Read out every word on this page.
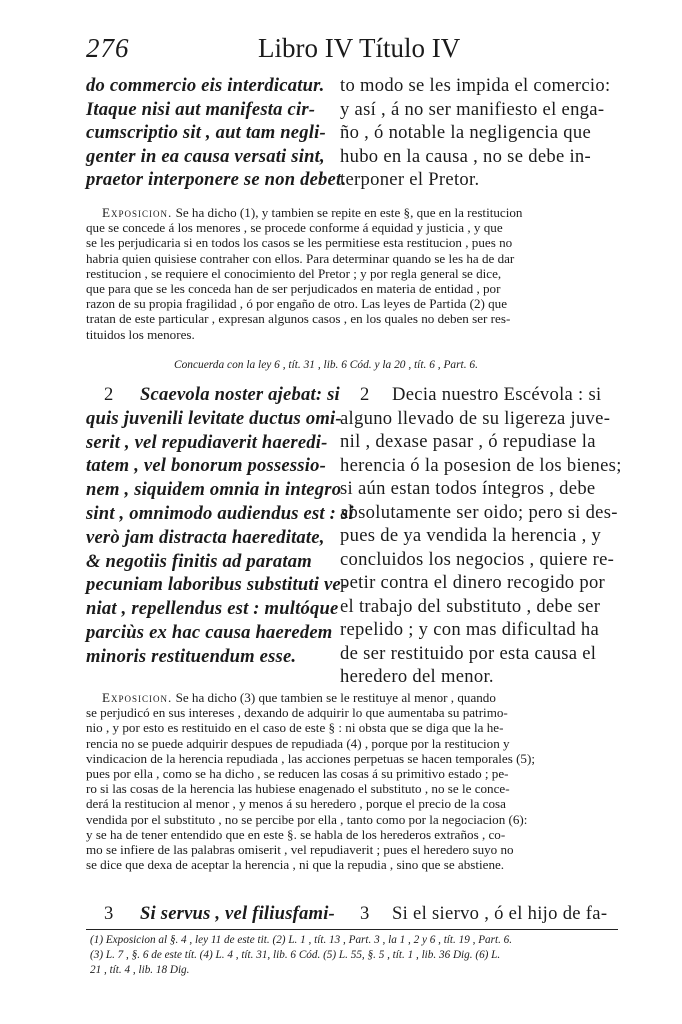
276	Libro IV Título IV
do commercio eis interdicatur.
Itaque nisi aut manifesta cir-
cumscriptio sit , aut tam negli-
genter in ea causa versati sint,
praetor interponere se non debet.
to modo se les impida el comercio:
y así , á no ser manifiesto el enga-
ño , ó notable la negligencia que
hubo en la causa , no se debe in-
terponer el Pretor.
Exposicion. Se ha dicho (1), y tambien se repite en este §, que en la restitucion
que se concede á los menores , se procede conforme á equidad y justicia , y que
se les perjudicaria si en todos los casos se les permitiese esta restitucion , pues no
habria quien quisiese contraher con ellos. Para determinar quando se les ha de dar
restitucion , se requiere el conocimiento del Pretor ; y por regla general se dice,
que para que se les conceda han de ser perjudicados en materia de entidad , por
razon de su propia fragilidad , ó por engaño de otro. Las leyes de Partida (2) que
tratan de este particular , expresan algunos casos , en los quales no deben ser res-
tituidos los menores.
Concuerda con la ley 6 , tít. 31 , lib. 6 Cód. y la 20 , tít. 6 , Part. 6.
2 Scaevola noster ajebat: si
quis juvenili levitate ductus omi-
serit , vel repudiaverit haeredi-
tatem , vel bonorum possessio-
nem , siquidem omnia in integro
sint , omnimodo audiendus est : si
verò jam distracta haereditate,
& negotiis finitis ad paratam
pecuniam laboribus substituti ve-
niat , repellendus est : multóque
parciùs ex hac causa haeredem
minoris restituendum esse.
2 Decia nuestro Escévola : si
alguno llevado de su ligereza juve-
nil , dexase pasar , ó repudiase la
herencia ó la posesion de los bienes;
si aún estan todos íntegros , debe
absolutamente ser oido; pero si des-
pues de ya vendida la herencia , y
concluidos los negocios , quiere re-
petir contra el dinero recogido por
el trabajo del substituto , debe ser
repelido ; y con mas dificultad ha
de ser restituido por esta causa el
heredero del menor.
Exposicion. Se ha dicho (3) que tambien se le restituye al menor , quando
se perjudicó en sus intereses , dexando de adquirir lo que aumentaba su patrimo-
nio , y por esto es restituido en el caso de este § : ni obsta que se diga que la he-
rencia no se puede adquirir despues de repudiada (4) , porque por la restitucion y
vindicacion de la herencia repudiada , las acciones perpetuas se hacen temporales (5);
pues por ella , como se ha dicho , se reducen las cosas á su primitivo estado ; pe-
ro si las cosas de la herencia las hubiese enagenado el substituto , no se le conce-
derá la restitucion al menor , y menos á su heredero , porque el precio de la cosa
vendida por el substituto , no se percibe por ella , tanto como por la negociacion (6):
y se ha de tener entendido que en este §. se habla de los herederos extraños , co-
mo se infiere de las palabras omiserit , vel repudiaverit ; pues el heredero suyo no
se dice que dexa de aceptar la herencia , ni que la repudia , sino que se abstiene.
3 Si servus , vel filiusfami- 3 Si el siervo , ó el hijo de fa-
(1) Exposicion al §. 4 , ley 11 de este tit. (2) L. 1 , tít. 13 , Part. 3 , la 1 , 2 y 6 , tít. 19 , Part. 6.
(3) L. 7 , §. 6 de este tít. (4) L. 4 , tít. 31, lib. 6 Cód. (5) L. 55, §. 5 , tít. 1 , lib. 36 Dig. (6) L.
21 , tít. 4 , lib. 18 Dig.
